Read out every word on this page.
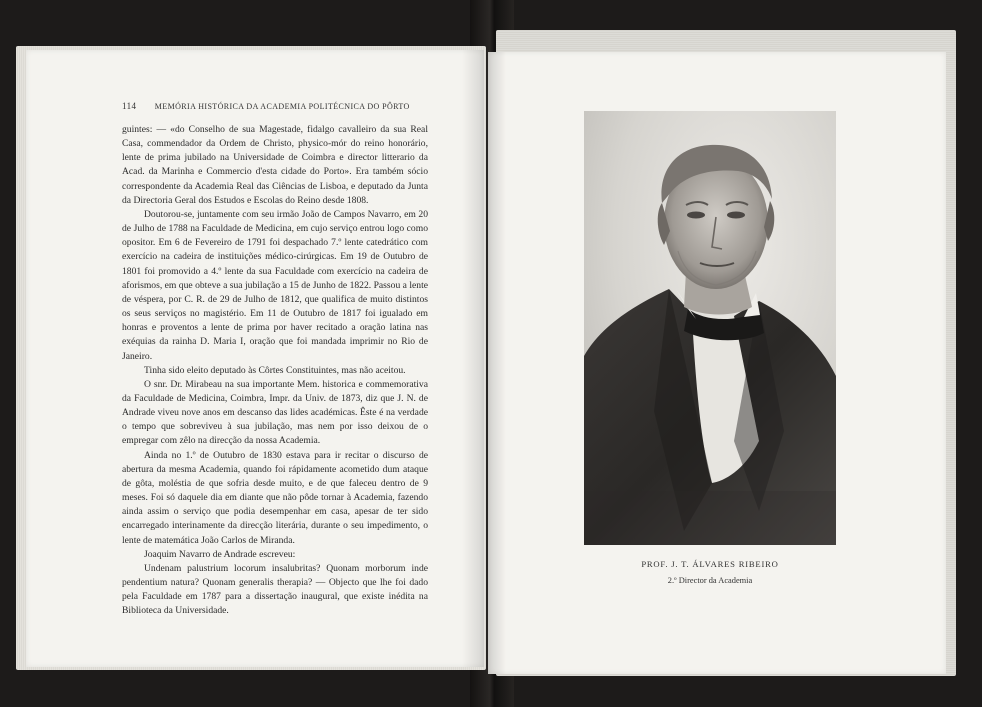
114 MEMÓRIA HISTÓRICA DA ACADEMIA POLITÉCNICA DO PÔRTO

guintes: — «do Conselho de sua Magestade, fidalgo cavalleiro da sua Real Casa, commendador da Ordem de Christo, physico-mór do reino honorário, lente de prima jubilado na Universidade de Coimbra e director litterario da Acad. da Marinha e Commercio d'esta cidade do Porto». Era também sócio correspondente da Academia Real das Ciências de Lisboa, e deputado da Junta da Directoria Geral dos Estudos e Escolas do Reino desde 1808.

Doutorou-se, juntamente com seu irmão João de Campos Navarro, em 20 de Julho de 1788 na Faculdade de Medicina, em cujo serviço entrou logo como opositor. Em 6 de Fevereiro de 1791 foi despachado 7.º lente catedrático com exercício na cadeira de instituições médico-cirúrgicas. Em 19 de Outubro de 1801 foi promovido a 4.º lente da sua Faculdade com exercício na cadeira de aforismos, em que obteve a sua jubilação a 15 de Junho de 1822. Passou a lente de véspera, por C. R. de 29 de Julho de 1812, que qualifica de muito distintos os seus serviços no magistério. Em 11 de Outubro de 1817 foi igualado em honras e proventos a lente de prima por haver recitado a oração latina nas exéquias da rainha D. Maria I, oração que foi mandada imprimir no Rio de Janeiro.

Tinha sido eleito deputado às Côrtes Constituintes, mas não aceitou.

O snr. Dr. Mirabeau na sua importante Mem. historica e commemorativa da Faculdade de Medicina, Coimbra, Impr. da Univ. de 1873, diz que J. N. de Andrade viveu nove anos em descanso das lides académicas. Êste é na verdade o tempo que sobreviveu à sua jubilação, mas nem por isso deixou de o empregar com zêlo na direcção da nossa Academia.

Ainda no 1.º de Outubro de 1830 estava para ir recitar o discurso de abertura da mesma Academia, quando foi rápidamente acometido dum ataque de gôta, moléstia de que sofria desde muito, e de que faleceu dentro de 9 meses. Foi só daquele dia em diante que não pôde tornar à Academia, fazendo ainda assim o serviço que podia desempenhar em casa, apesar de ter sido encarregado interinamente da direcção literária, durante o seu impedimento, o lente de matemática João Carlos de Miranda.

Joaquim Navarro de Andrade escreveu:

Undenam palustrium locorum insalubritas? Quonam morborum inde pendentium natura? Quonam generalis therapia? — Objecto que lhe foi dado pela Faculdade em 1787 para a dissertação inaugural, que existe inédita na Biblioteca da Universidade.

PROF. J. T. ÁLVARES RIBEIRO
2.º Director da Academia
